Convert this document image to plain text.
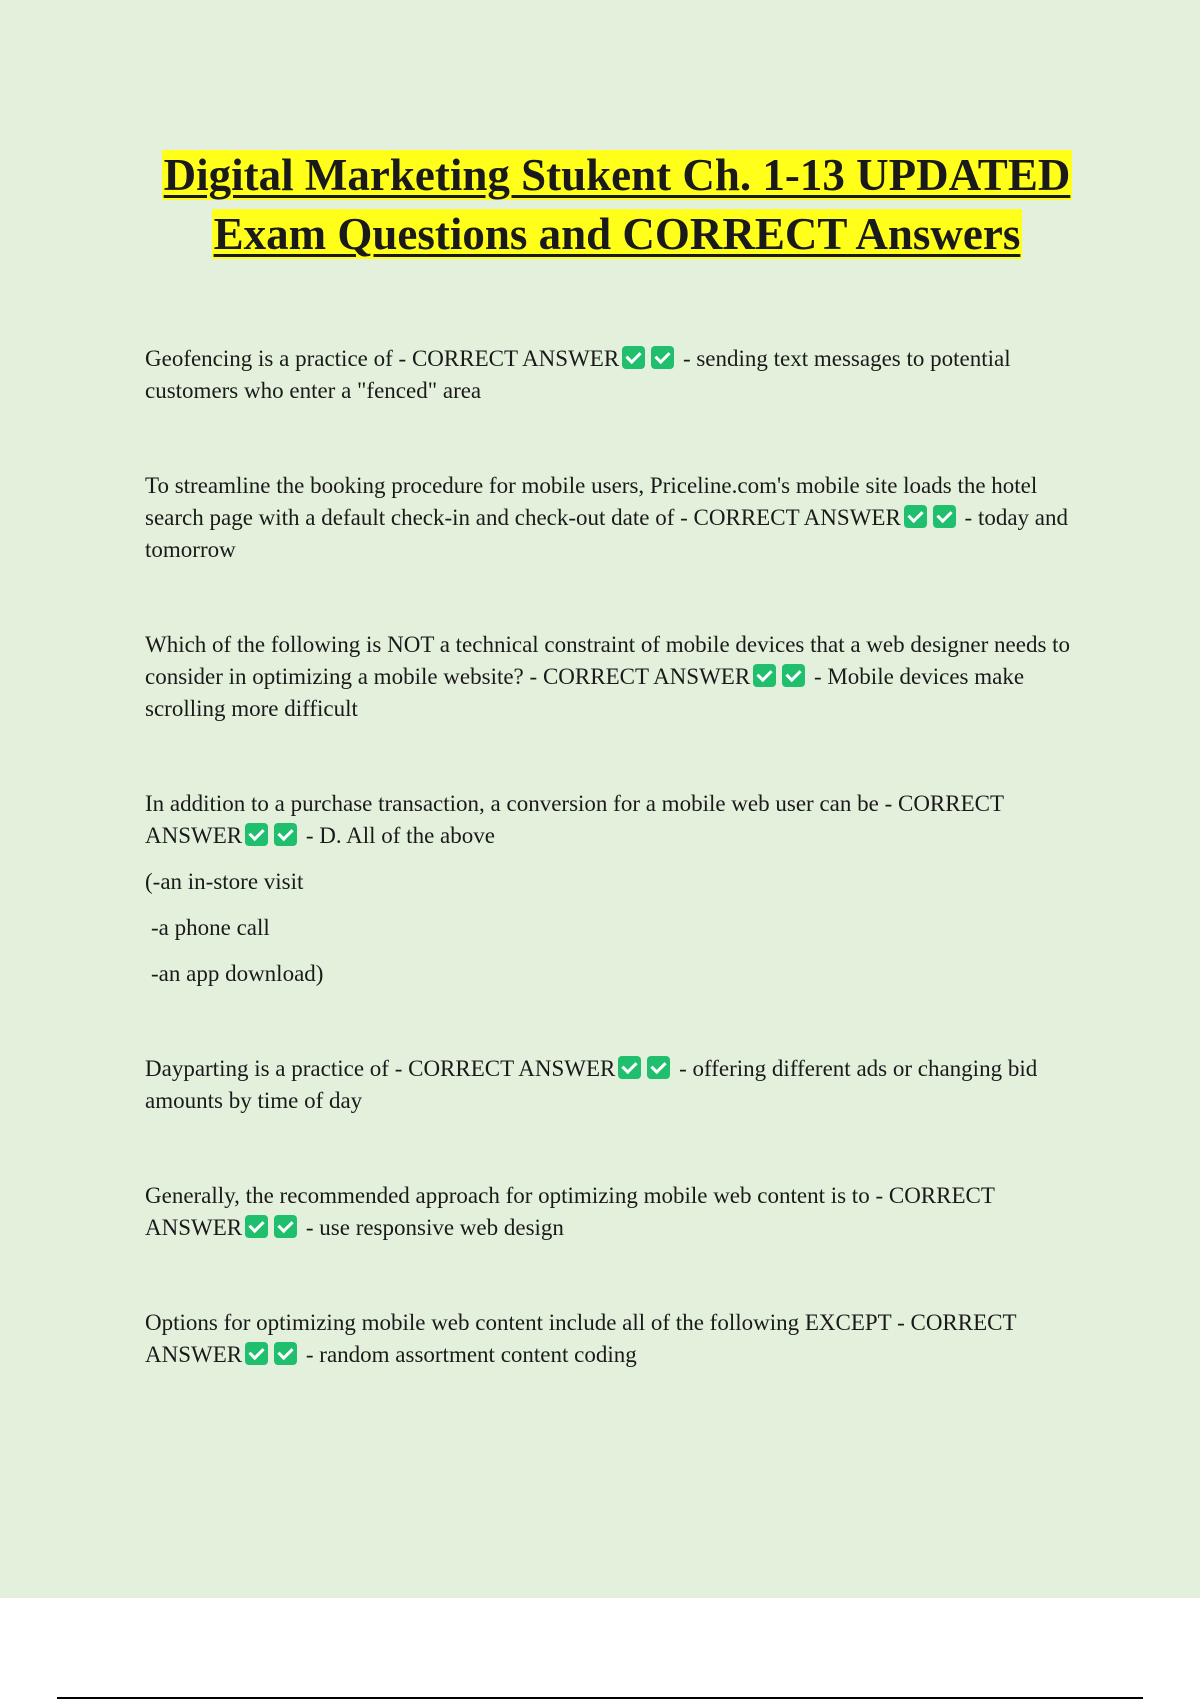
Digital Marketing Stukent Ch. 1-13 UPDATED Exam Questions and CORRECT Answers

Geofencing is a practice of - CORRECT ANSWER	- sending text messages to potential customers who enter a "fenced" area

To streamline the booking procedure for mobile users, Priceline.com's mobile site loads the hotel search page with a default check-in and check-out date of - CORRECT ANSWER	- today and tomorrow

Which of the following is NOT a technical constraint of mobile devices that a web designer needs to consider in optimizing a mobile website? - CORRECT ANSWER	- Mobile devices make scrolling more difficult

In addition to a purchase transaction, a conversion for a mobile web user can be - CORRECT ANSWER	- D. All of the above

(-an in-store visit

-a phone call

-an app download)

Dayparting is a practice of - CORRECT ANSWER	- offering different ads or changing bid amounts by time of day

Generally, the recommended approach for optimizing mobile web content is to - CORRECT ANSWER	- use responsive web design

Options for optimizing mobile web content include all of the following EXCEPT - CORRECT ANSWER	- random assortment content coding
